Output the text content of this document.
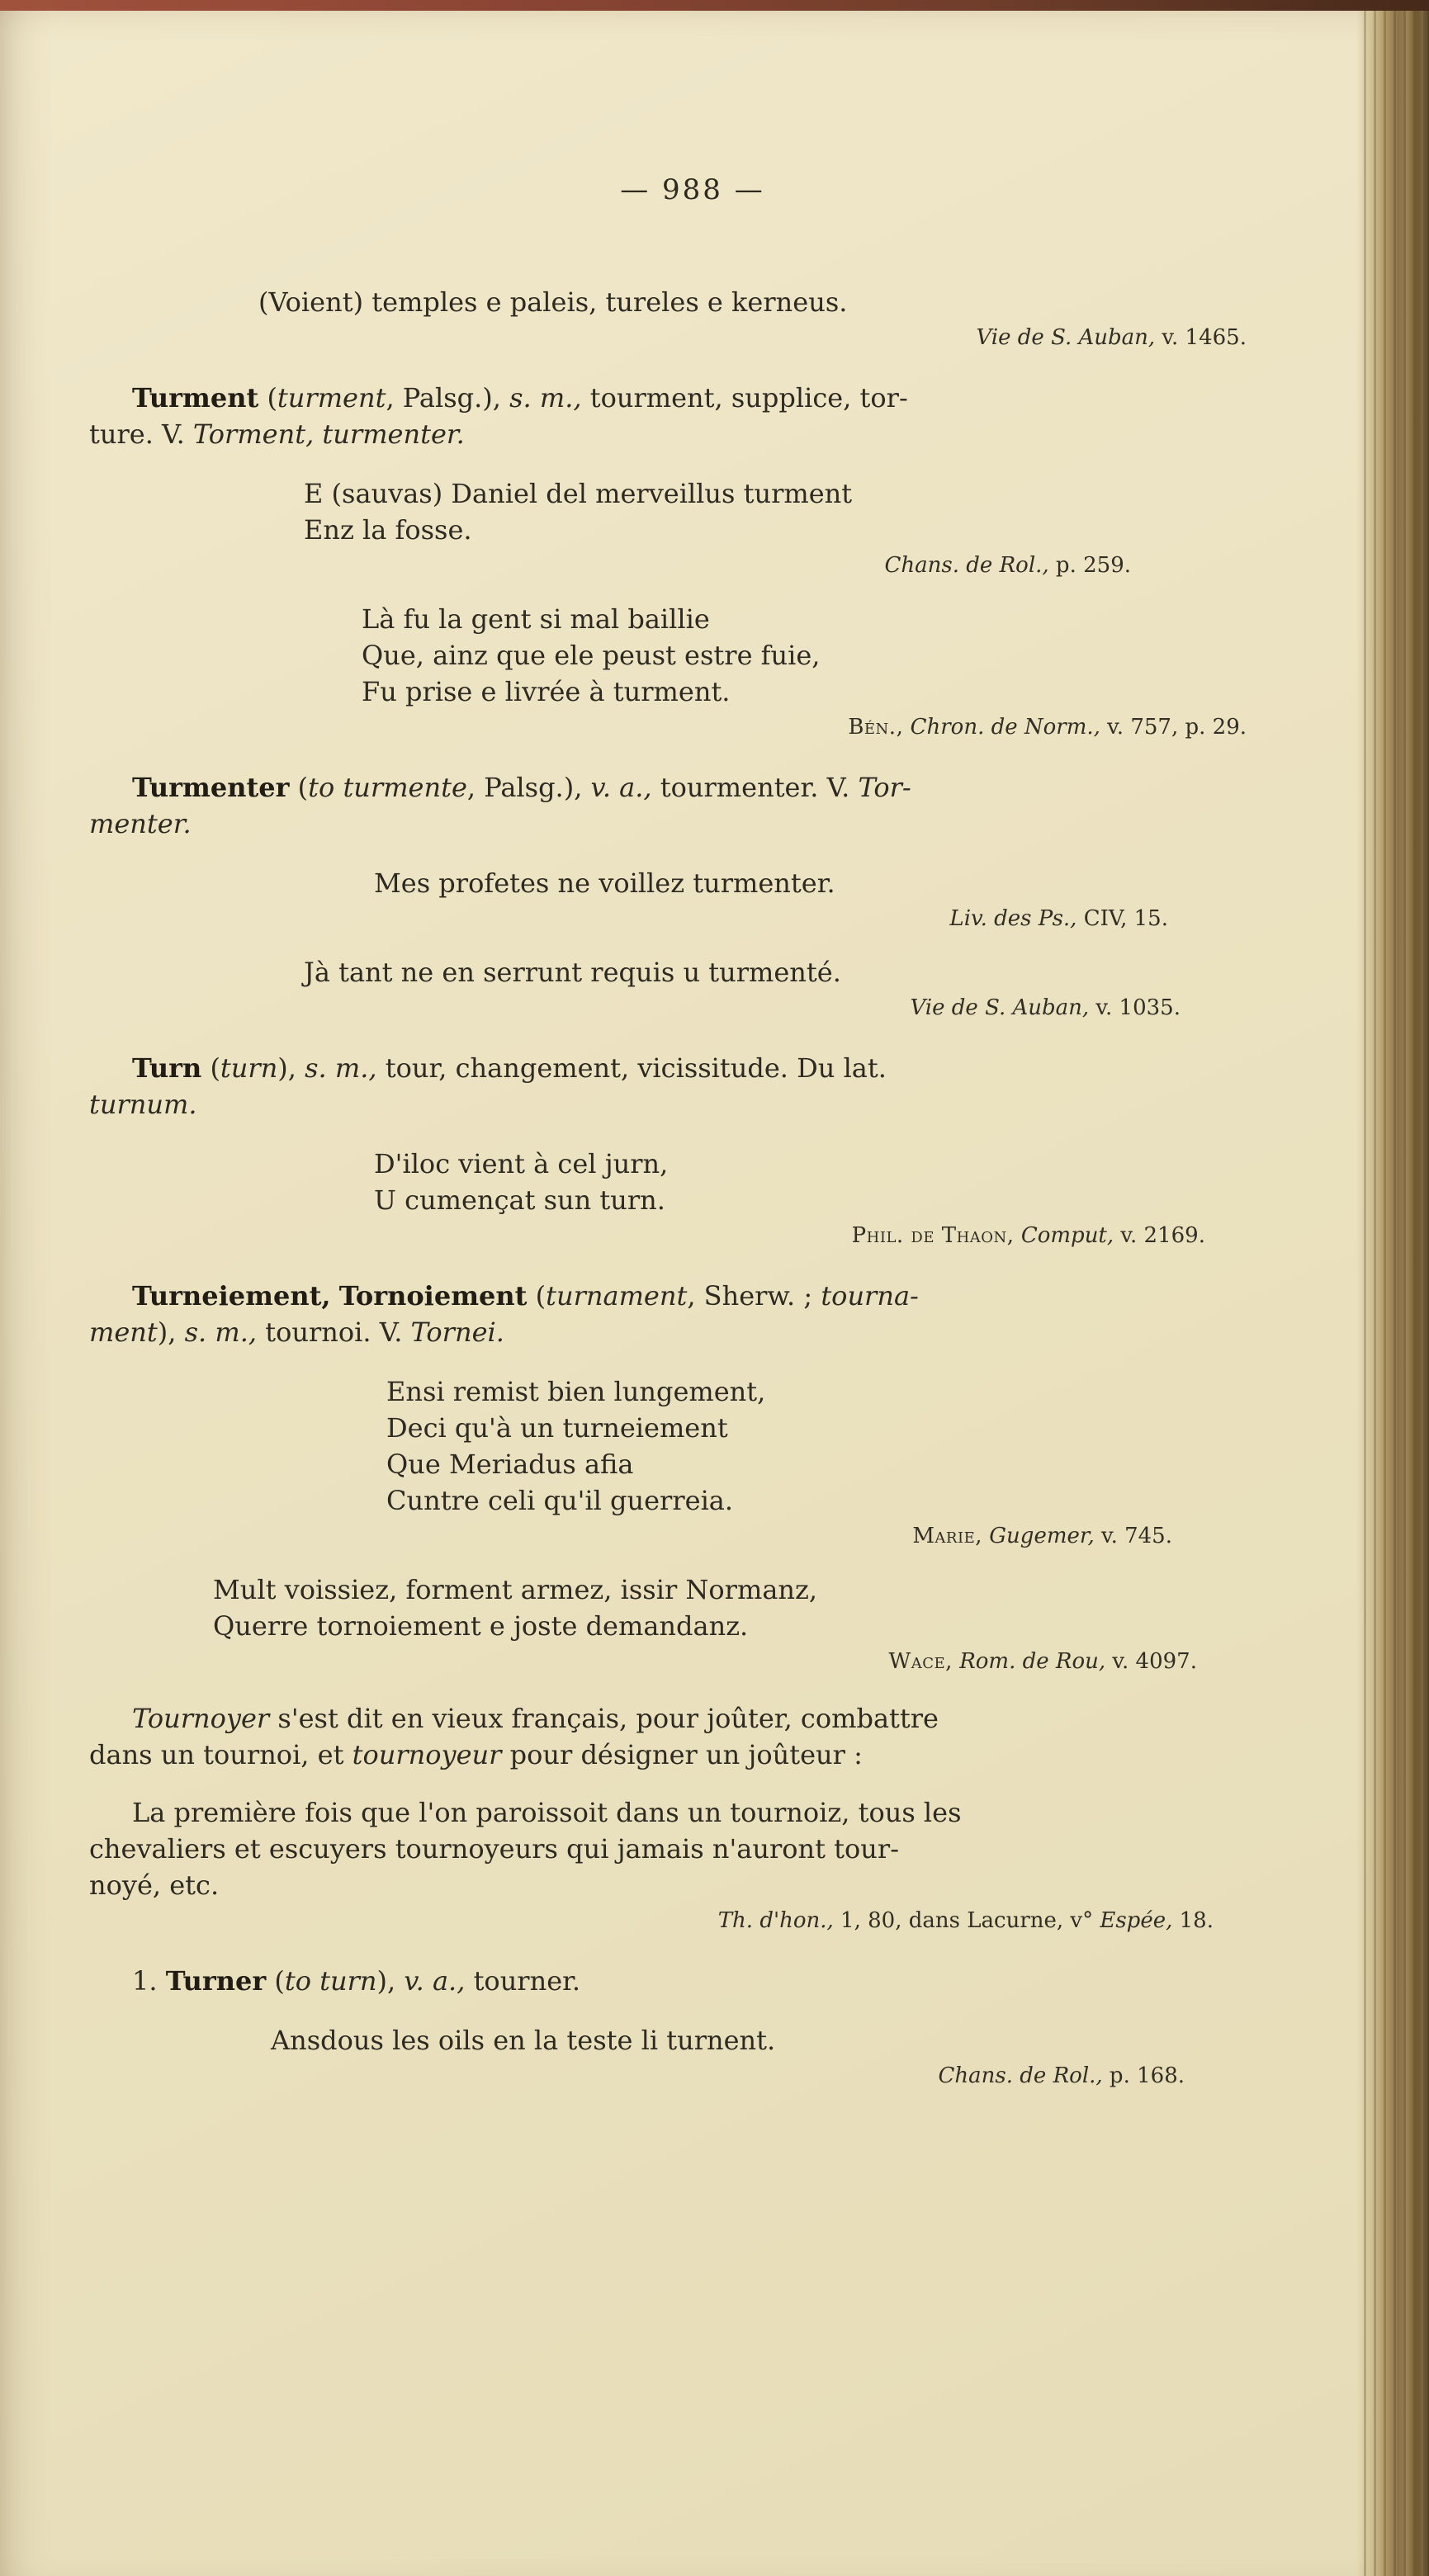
— 988 —
(Voient) temples e paleis, tureles e kerneus.
Vie de S. Auban, v. 1465.
Turment (turment, Palsg.), s. m., tourment, supplice, tor-
ture. V. Torment, turmenter.
E (sauvas) Daniel del merveillus turment
Enz la fosse.
Chans. de Rol., p. 259.
Là fu la gent si mal baillie
Que, ainz que ele peust estre fuie,
Fu prise e livrée à turment.
Bén., Chron. de Norm., v. 757, p. 29.
Turmenter (to turmente, Palsg.), v. a., tourmenter. V. Tor-
menter.
Mes profetes ne voillez turmenter.
Liv. des Ps., CIV, 15.
Jà tant ne en serrunt requis u turmenté.
Vie de S. Auban, v. 1035.
Turn (turn), s. m., tour, changement, vicissitude. Du lat.
turnum.
D'iloc vient à cel jurn,
U cumençat sun turn.
Phil. de Thaon, Comput, v. 2169.
Turneiement, Tornoiement (turnament, Sherw. ; tourna-
ment), s. m., tournoi. V. Tornei.
Ensi remist bien lungement,
Deci qu'à un turneiement
Que Meriadus afia
Cuntre celi qu'il guerreia.
Marie, Gugemer, v. 745.
Mult voissiez, forment armez, issir Normanz,
Querre tornoiement e joste demandanz.
Wace, Rom. de Rou, v. 4097.
Tournoyer s'est dit en vieux français, pour joûter, combattre
dans un tournoi, et tournoyeur pour désigner un joûteur :
La première fois que l'on paroissoit dans un tournoiz, tous les
chevaliers et escuyers tournoyeurs qui jamais n'auront tour-
noyé, etc.
Th. d'hon., 1, 80, dans Lacurne, v° Espée, 18.
1. Turner (to turn), v. a., tourner.
Ansdous les oils en la teste li turnent.
Chans. de Rol., p. 168.
